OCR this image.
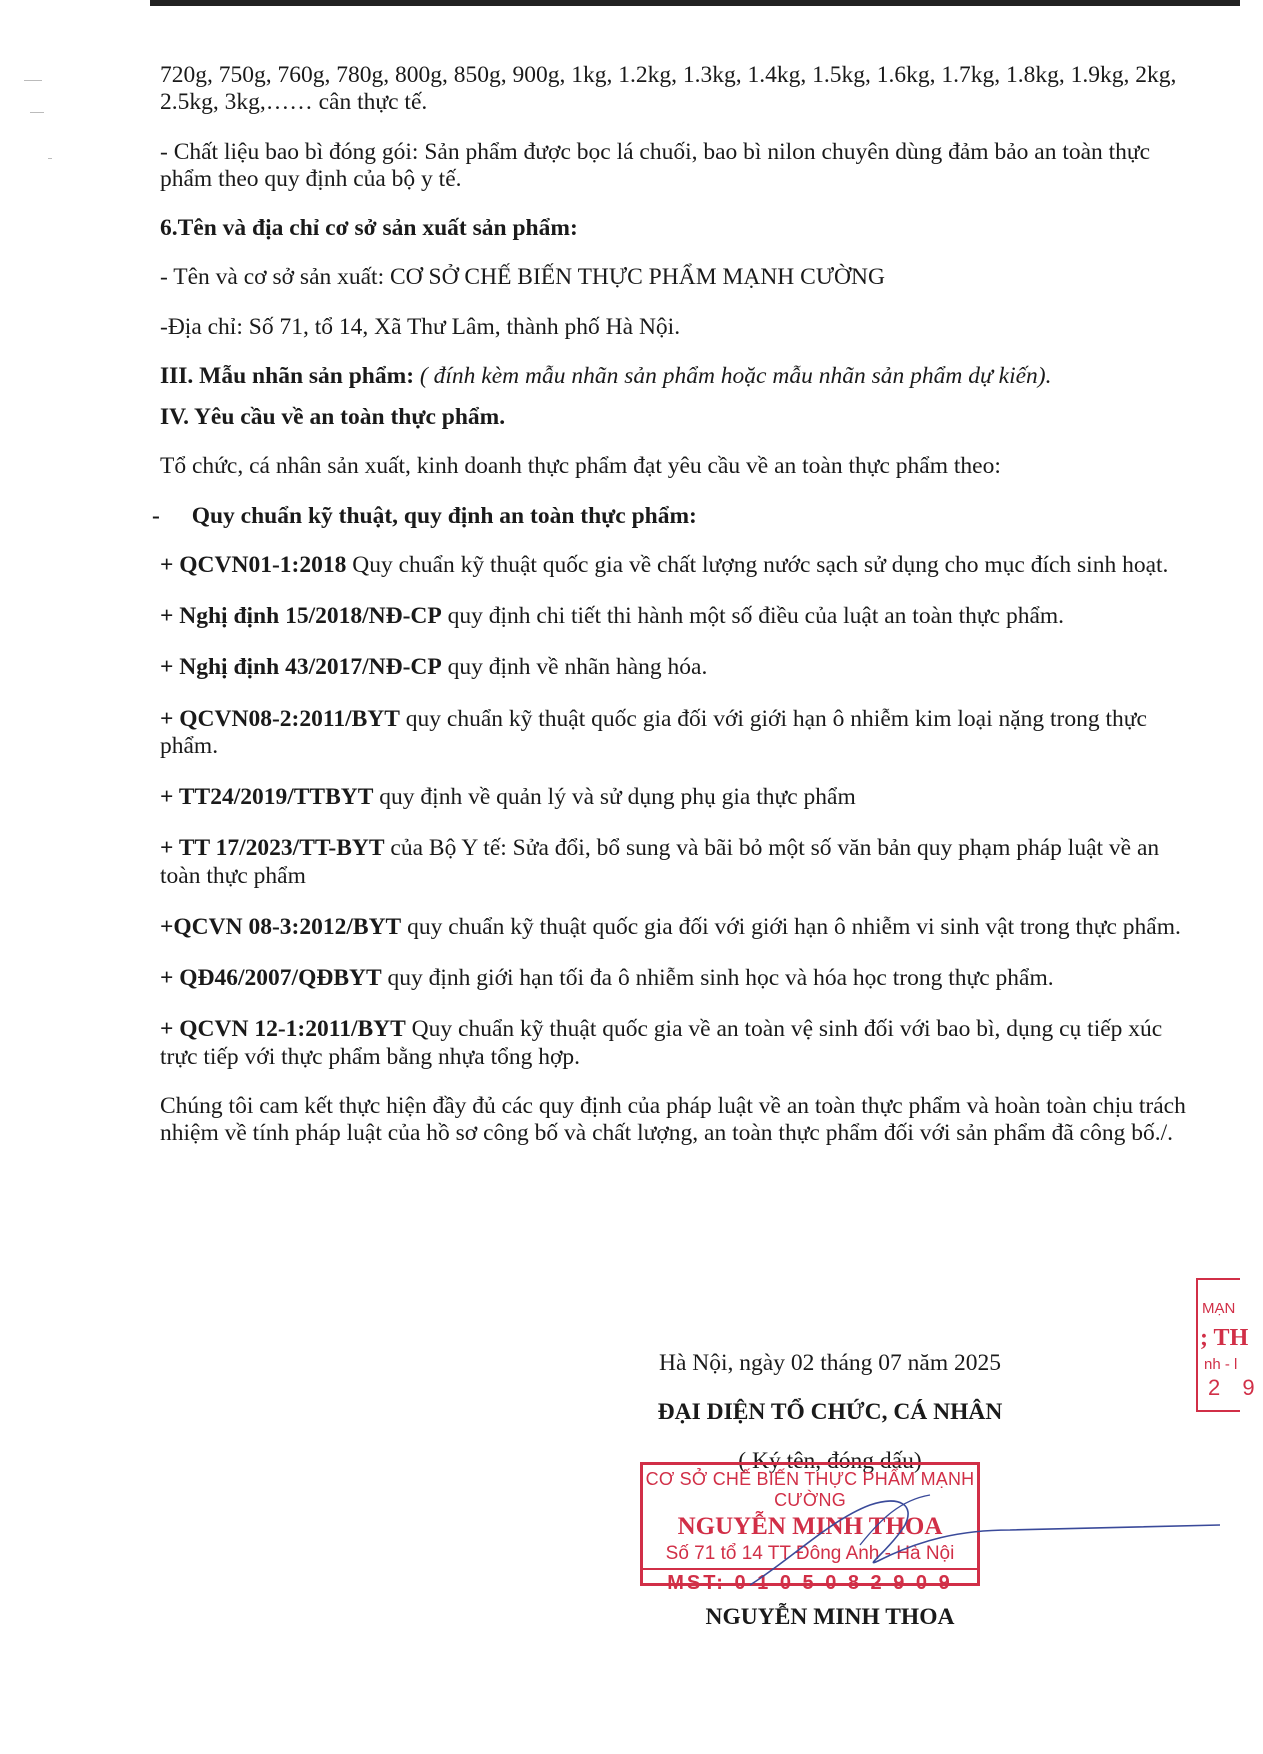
720g, 750g, 760g, 780g, 800g, 850g, 900g, 1kg, 1.2kg, 1.3kg, 1.4kg, 1.5kg, 1.6kg, 1.7kg, 1.8kg, 1.9kg, 2kg, 2.5kg, 3kg,…… cân thực tế.

- Chất liệu bao bì đóng gói: Sản phẩm được bọc lá chuối, bao bì nilon chuyên dùng đảm bảo an toàn thực phẩm theo quy định của bộ y tế.

6.Tên và địa chỉ cơ sở sản xuất sản phẩm:

- Tên và cơ sở sản xuất: CƠ SỞ CHẾ BIẾN THỰC PHẨM MẠNH CƯỜNG

-Địa chỉ: Số 71, tổ 14, Xã Thư Lâm, thành phố Hà Nội.

III. Mẫu nhãn sản phẩm: ( đính kèm mẫu nhãn sản phẩm hoặc mẫu nhãn sản phẩm dự kiến).

IV. Yêu cầu về an toàn thực phẩm.

Tổ chức, cá nhân sản xuất, kinh doanh thực phẩm đạt yêu cầu về an toàn thực phẩm theo:

- Quy chuẩn kỹ thuật, quy định an toàn thực phẩm:

+ QCVN01-1:2018 Quy chuẩn kỹ thuật quốc gia về chất lượng nước sạch sử dụng cho mục đích sinh hoạt.

+ Nghị định 15/2018/NĐ-CP quy định chi tiết thi hành một số điều của luật an toàn thực phẩm.

+ Nghị định 43/2017/NĐ-CP quy định về nhãn hàng hóa.

+ QCVN08-2:2011/BYT quy chuẩn kỹ thuật quốc gia đối với giới hạn ô nhiễm kim loại nặng trong thực phẩm.

+ TT24/2019/TTBYT quy định về quản lý và sử dụng phụ gia thực phẩm

+ TT 17/2023/TT-BYT của Bộ Y tế: Sửa đổi, bổ sung và bãi bỏ một số văn bản quy phạm pháp luật về an toàn thực phẩm

+QCVN 08-3:2012/BYT quy chuẩn kỹ thuật quốc gia đối với giới hạn ô nhiễm vi sinh vật trong thực phẩm.

+ QĐ46/2007/QĐBYT quy định giới hạn tối đa ô nhiễm sinh học và hóa học trong thực phẩm.

+ QCVN 12-1:2011/BYT Quy chuẩn kỹ thuật quốc gia về an toàn vệ sinh đối với bao bì, dụng cụ tiếp xúc trực tiếp với thực phẩm bằng nhựa tổng hợp.

Chúng tôi cam kết thực hiện đầy đủ các quy định của pháp luật về an toàn thực phẩm và hoàn toàn chịu trách nhiệm về tính pháp luật của hồ sơ công bố và chất lượng, an toàn thực phẩm đối với sản phẩm đã công bố./.

Hà Nội, ngày 02 tháng 07 năm 2025

ĐẠI DIỆN TỔ CHỨC, CÁ NHÂN

( Ký tên, đóng dấu)

CƠ SỞ CHẾ BIẾN THỰC PHẨM MẠNH CƯỜNG
NGUYỄN MINH THOA
Số 71 tổ 14 TT Đông Anh - Hà Nội
MST: 0 1 0 5 0 8 2 9 0 9
NGUYỄN MINH THOA
MẠN
; TH
nh - l
2 9
